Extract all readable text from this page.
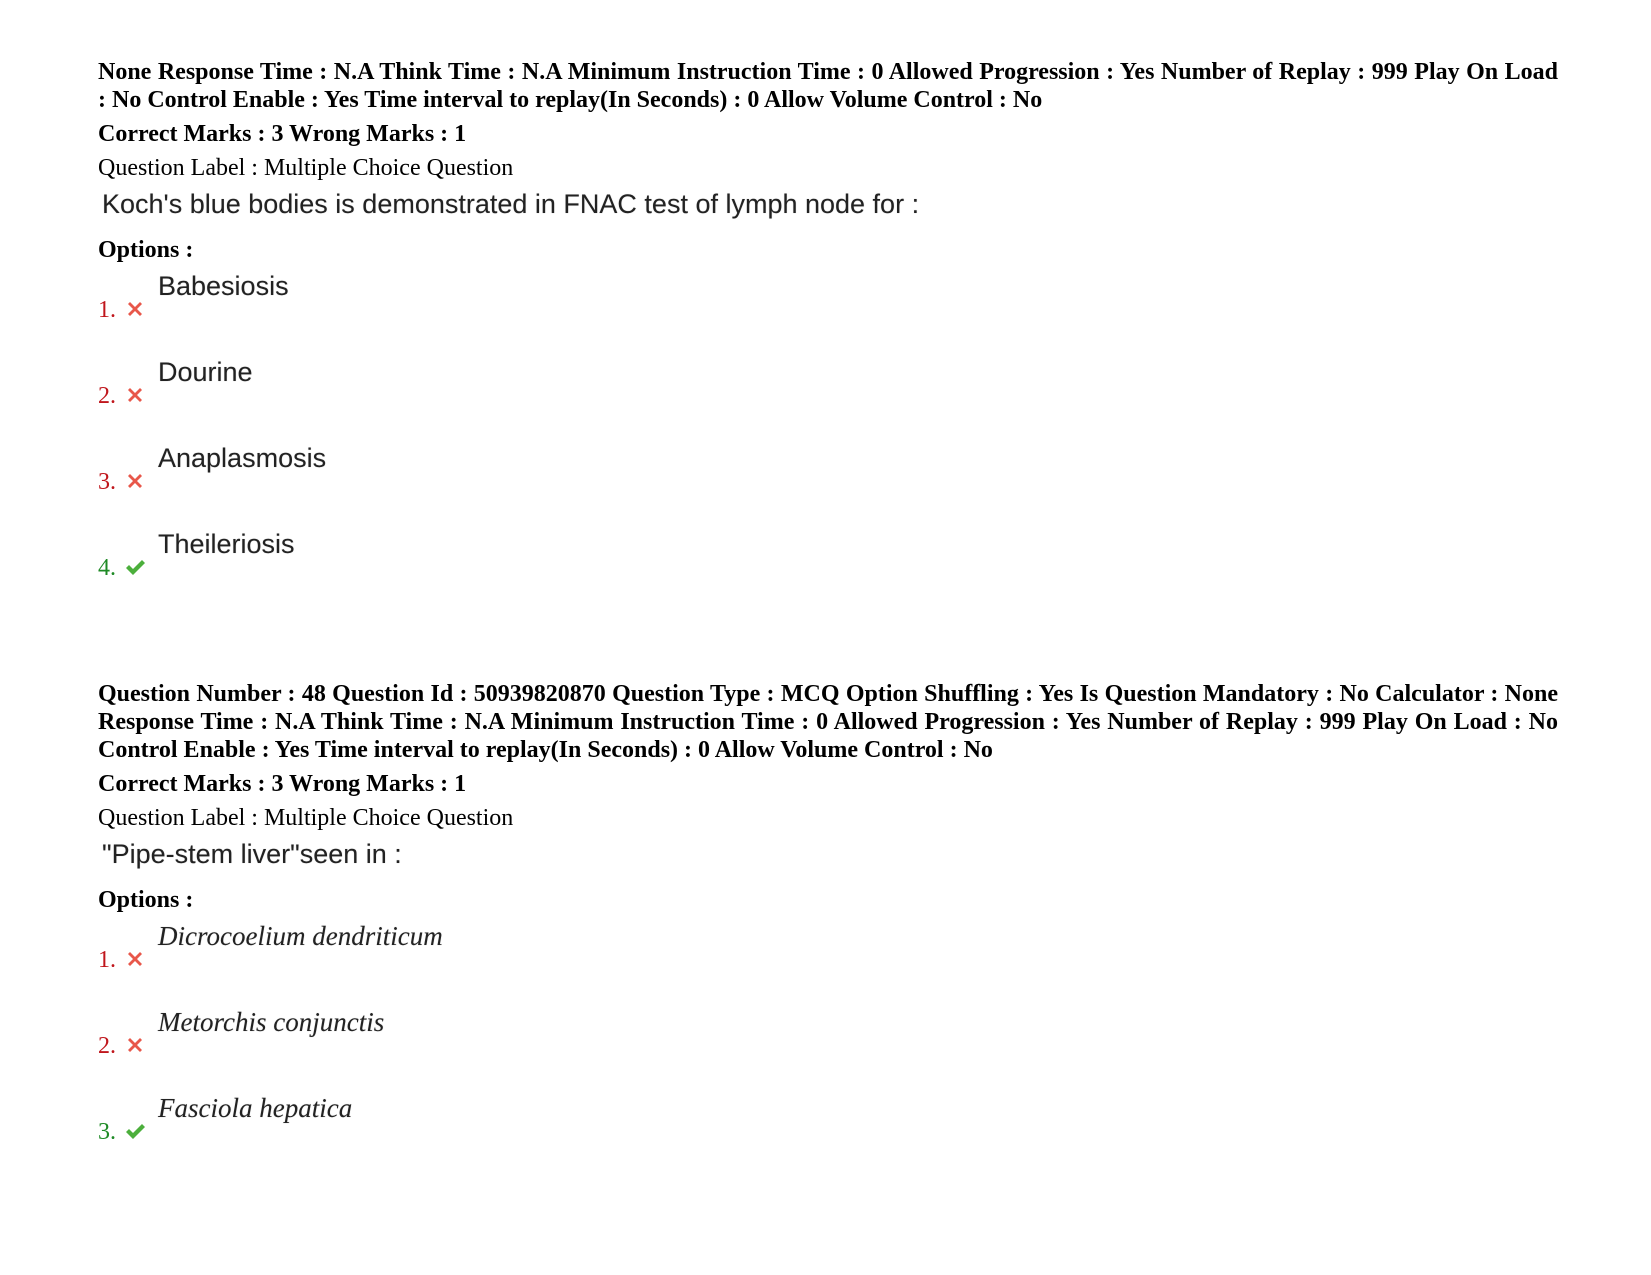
None Response Time : N.A Think Time : N.A Minimum Instruction Time : 0 Allowed Progression : Yes Number of Replay : 999 Play On Load : No Control Enable : Yes Time interval to replay(In Seconds) : 0 Allow Volume Control : No
Correct Marks : 3 Wrong Marks : 1
Question Label : Multiple Choice Question
Koch's blue bodies is demonstrated in FNAC test of lymph node for :
Options :
1.
Babesiosis
2.
Dourine
3.
Anaplasmosis
4.
Theileriosis
Question Number : 48 Question Id : 50939820870 Question Type : MCQ Option Shuffling : Yes Is Question Mandatory : No Calculator : None Response Time : N.A Think Time : N.A Minimum Instruction Time : 0 Allowed Progression : Yes Number of Replay : 999 Play On Load : No Control Enable : Yes Time interval to replay(In Seconds) : 0 Allow Volume Control : No
Correct Marks : 3 Wrong Marks : 1
Question Label : Multiple Choice Question
"Pipe-stem liver"seen in :
Options :
1.
Dicrocoelium dendriticum
2.
Metorchis conjunctis
3.
Fasciola hepatica
